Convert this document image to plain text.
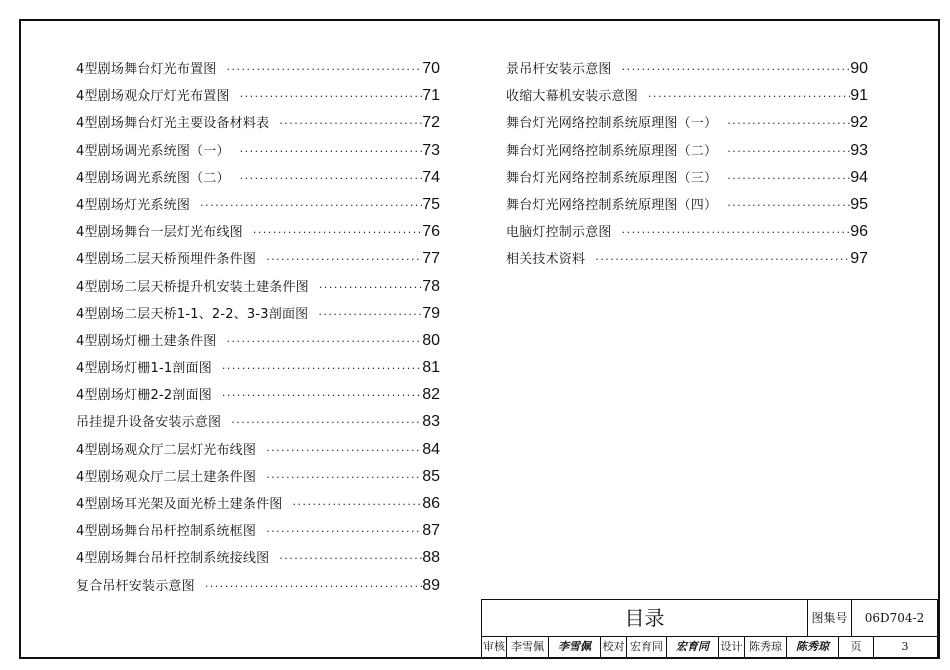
4型剧场舞台灯光布置图 ·····	70
4型剧场观众厅灯光布置图 ·····	71
4型剧场舞台灯光主要设备材料表 ·····	72
4型剧场调光系统图（一） ·····	73
4型剧场调光系统图（二） ·····	74
4型剧场灯光系统图 ·····	75
4型剧场舞台一层灯光布线图 ·····	76
4型剧场二层天桥预埋件条件图 ·····	77
4型剧场二层天桥提升机安装土建条件图 ·····	78
4型剧场二层天桥1-1、2-2、3-3剖面图 ·····	79
4型剧场灯栅土建条件图 ·····	80
4型剧场灯栅1-1剖面图 ·····	81
4型剧场灯栅2-2剖面图 ·····	82
吊挂提升设备安装示意图 ·····	83
4型剧场观众厅二层灯光布线图 ·····	84
4型剧场观众厅二层土建条件图 ·····	85
4型剧场耳光架及面光桥土建条件图 ·····	86
4型剧场舞台吊杆控制系统框图 ·····	87
4型剧场舞台吊杆控制系统接线图 ·····	88
复合吊杆安装示意图 ·····	89
景吊杆安装示意图 ·····	90
收缩大幕机安装示意图 ·····	91
舞台灯光网络控制系统原理图（一） ·····	92
舞台灯光网络控制系统原理图（二） ·····	93
舞台灯光网络控制系统原理图（三） ·····	94
舞台灯光网络控制系统原理图（四） ·····	95
电脑灯控制示意图 ·····	96
相关技术资料 ·····	97
目录	图集号	06D704-2
审核 李雪佩	李雪佩	校对 宏育同	宏育同	设计 陈秀琼	陈秀琼	页	3
